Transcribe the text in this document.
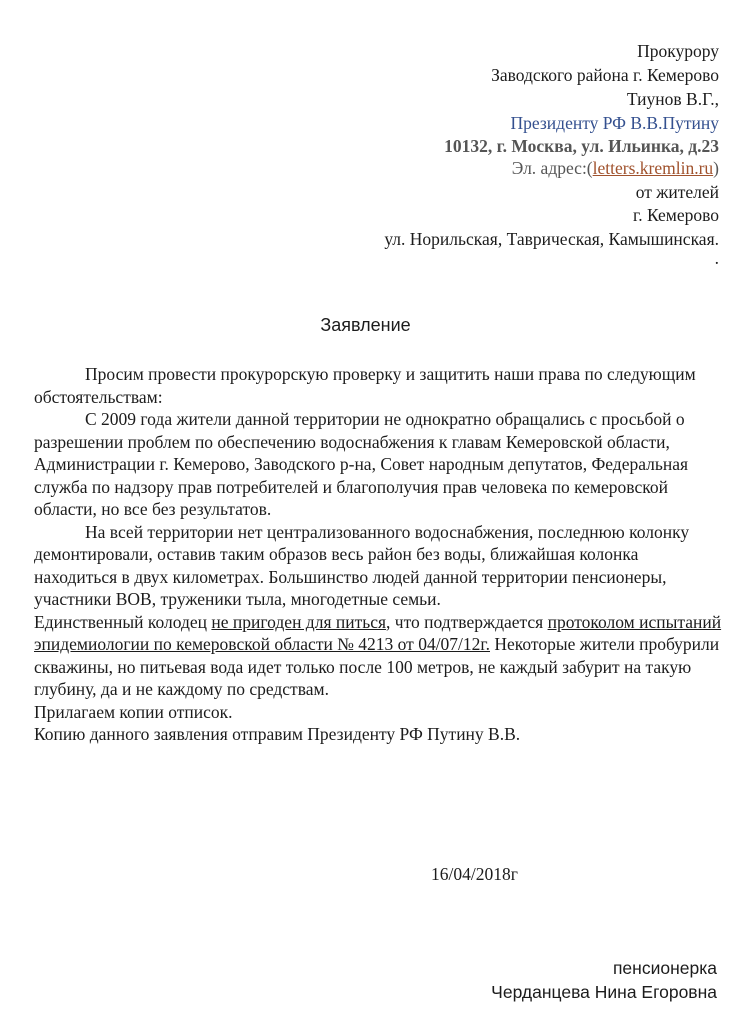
Прокурору
Заводского района г. Кемерово
Тиунов В.Г.,
Президенту РФ В.В.Путину
10132, г. Москва, ул. Ильинка, д.23
Эл. адрес:(letters.kremlin.ru)
от жителей
г. Кемерово
ул. Норильская, Таврическая, Камышинская.
.
Заявление

Просим провести прокурорскую проверку и защитить наши права по следующим обстоятельствам:

С 2009 года жители данной территории не однократно обращались с просьбой о разрешении проблем по обеспечению водоснабжения к главам Кемеровской области, Администрации г. Кемерово, Заводского р-на, Совет народным депутатов, Федеральная служба по надзору прав потребителей и благополучия прав человека по кемеровской области, но все без результатов.

На всей территории нет централизованного водоснабжения, последнюю колонку демонтировали, оставив таким образов весь район без воды, ближайшая колонка находиться в двух километрах. Большинство людей данной территории пенсионеры, участники ВОВ, труженики тыла, многодетные семьи.

Единственный колодец не пригоден для питься, что подтверждается протоколом испытаний эпидемиологии по кемеровской области № 4213 от 04/07/12г. Некоторые жители пробурили скважины, но питьевая вода идет только после 100 метров, не каждый забурит на такую глубину, да и не каждому по средствам.

Прилагаем копии отписок.

Копию данного заявления отправим Президенту РФ Путину В.В.

16/04/2018г
пенсионерка
Черданцева Нина Егоровна
